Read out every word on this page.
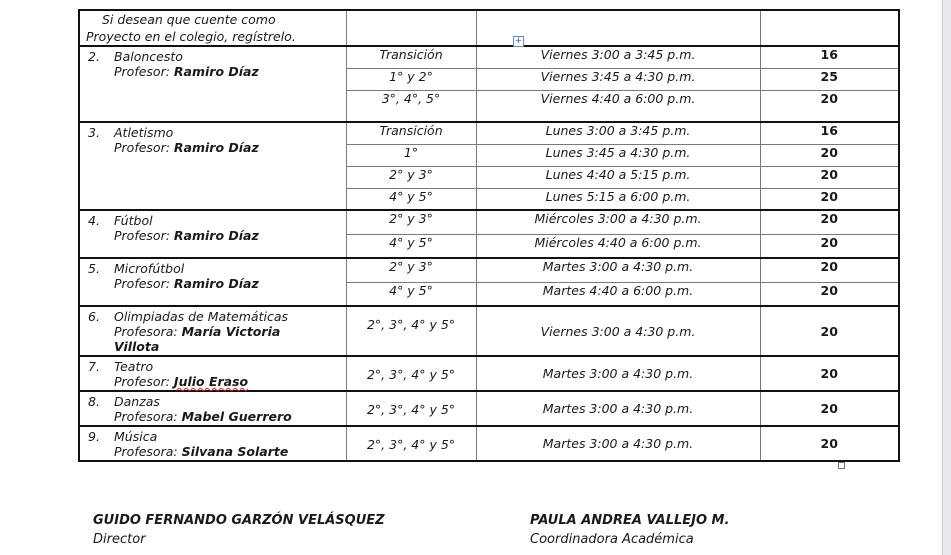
Si desean que cuente como
Proyecto en el colegio, regístrelo.			

2. Baloncesto
Profesor: Ramiro Díaz	Transición	Viernes 3:00 a 3:45 p.m.	16
	1° y 2°	Viernes 3:45 a 4:30 p.m.	25
	3°, 4°, 5°	Viernes 4:40 a 6:00 p.m.	20

3. Atletismo
Profesor: Ramiro Díaz	Transición	Lunes 3:00 a 3:45 p.m.	16
	1°	Lunes 3:45 a 4:30 p.m.	20
	2° y 3°	Lunes 4:40 a 5:15 p.m.	20
	4° y 5°	Lunes 5:15 a 6:00 p.m.	20

4. Fútbol
Profesor: Ramiro Díaz	2° y 3°	Miércoles 3:00 a 4:30 p.m.	20
	4° y 5°	Miércoles 4:40 a 6:00 p.m.	20

5. Microfútbol
Profesor: Ramiro Díaz	2° y 3°	Martes 3:00 a 4:30 p.m.	20
	4° y 5°	Martes 4:40 a 6:00 p.m.	20

6. Olimpiadas de Matemáticas
Profesora: María Victoria
Villota	2°, 3°, 4° y 5°	Viernes 3:00 a 4:30 p.m.	20

7. Teatro
Profesor: Julio Eraso	2°, 3°, 4° y 5°	Martes 3:00 a 4:30 p.m.	20

8. Danzas
Profesora: Mabel Guerrero	2°, 3°, 4° y 5°	Martes 3:00 a 4:30 p.m.	20

9. Música
Profesora: Silvana Solarte	2°, 3°, 4° y 5°	Martes 3:00 a 4:30 p.m.	20
+
GUIDO FERNANDO GARZÓN VELÁSQUEZ
Director
PAULA ANDREA VALLEJO M.
Coordinadora Académica
